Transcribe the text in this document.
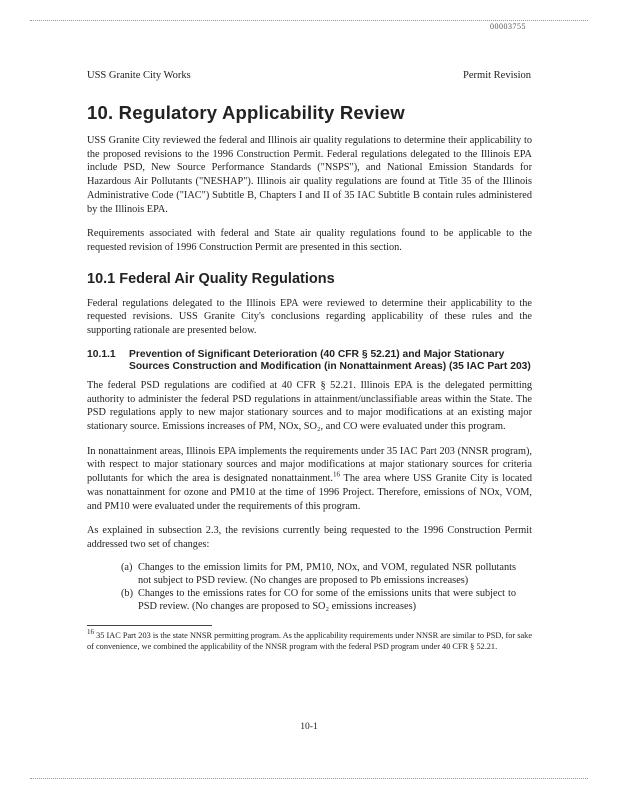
00003755
USS Granite City Works	Permit Revision
10. Regulatory Applicability Review

USS Granite City reviewed the federal and Illinois air quality regulations to determine their applicability to the proposed revisions to the 1996 Construction Permit. Federal regulations delegated to the Illinois EPA include PSD, New Source Performance Standards ("NSPS"), and National Emission Standards for Hazardous Air Pollutants ("NESHAP"). Illinois air quality regulations are found at Title 35 of the Illinois Administrative Code ("IAC") Subtitle B, Chapters I and II of 35 IAC Subtitle B contain rules administered by the Illinois EPA.

Requirements associated with federal and State air quality regulations found to be applicable to the requested revision of 1996 Construction Permit are presented in this section.

10.1 Federal Air Quality Regulations

Federal regulations delegated to the Illinois EPA were reviewed to determine their applicability to the requested revisions. USS Granite City's conclusions regarding applicability of these rules and the supporting rationale are presented below.

10.1.1	Prevention of Significant Deterioration (40 CFR § 52.21) and Major Stationary Sources Construction and Modification (in Nonattainment Areas) (35 IAC Part 203)

The federal PSD regulations are codified at 40 CFR § 52.21. Illinois EPA is the delegated permitting authority to administer the federal PSD regulations in attainment/unclassifiable areas within the State. The PSD regulations apply to new major stationary sources and to major modifications at an existing major stationary source. Emissions increases of PM, NOx, SO₂, and CO were evaluated under this program.

In nonattainment areas, Illinois EPA implements the requirements under 35 IAC Part 203 (NNSR program), with respect to major stationary sources and major modifications at major stationary sources for criteria pollutants for which the area is designated nonattainment.$^{16}$ The area where USS Granite City is located was nonattainment for ozone and PM10 at the time of 1996 Project. Therefore, emissions of NOx, VOM, and PM10 were evaluated under the requirements of this program.

As explained in subsection 2.3, the revisions currently being requested to the 1996 Construction Permit addressed two set of changes:

(a) Changes to the emission limits for PM, PM10, NOx, and VOM, regulated NSR pollutants not subject to PSD review. (No changes are proposed to Pb emissions increases)
(b) Changes to the emissions rates for CO for some of the emissions units that were subject to PSD review. (No changes are proposed to SO₂ emissions increases)

$^{16}$ 35 IAC Part 203 is the state NNSR permitting program. As the applicability requirements under NNSR are similar to PSD, for sake of convenience, we combined the applicability of the NNSR program with the federal PSD program under 40 CFR § 52.21.

10-1
